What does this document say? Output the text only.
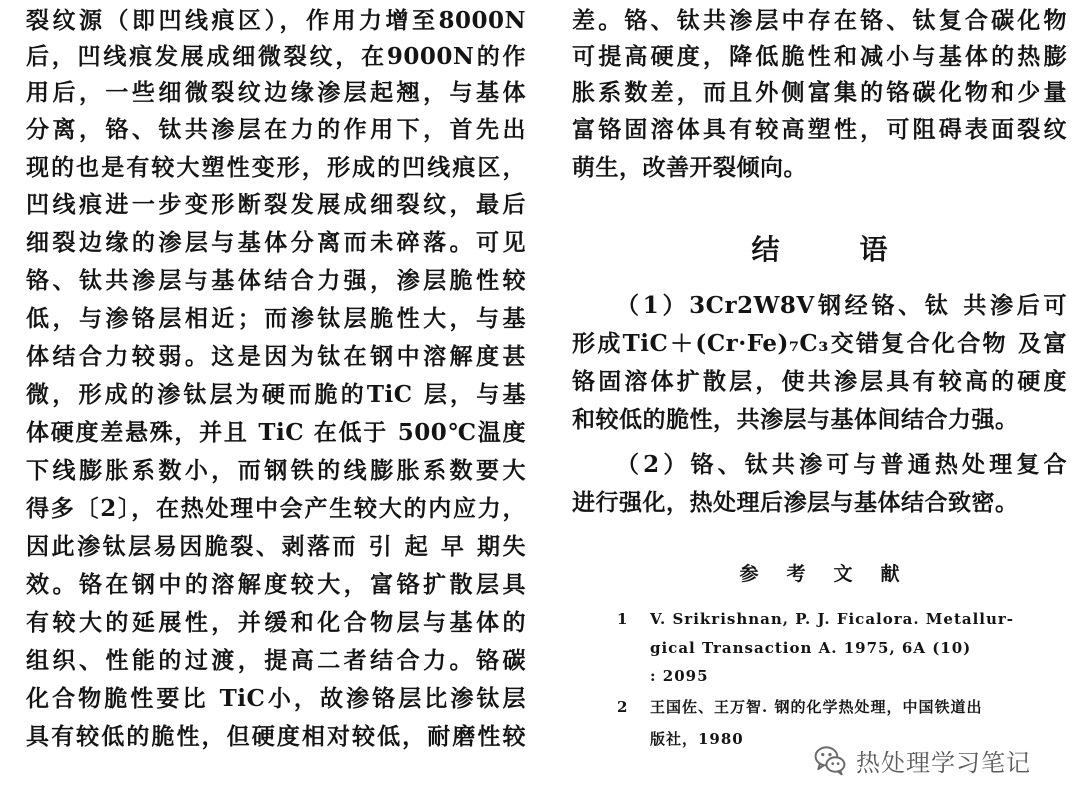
裂纹源（即凹线痕区），作用力增至8000N
后，凹线痕发展成细微裂纹，在9000N的作
用后，一些细微裂纹边缘渗层起翘，与基体
分离，铬、钛共渗层在力的作用下，首先出
现的也是有较大塑性变形，形成的凹线痕区，
凹线痕进一步变形断裂发展成细裂纹，最后
细裂边缘的渗层与基体分离而未碎落。可见
铬、钛共渗层与基体结合力强，渗层脆性较
低，与渗铬层相近；而渗钛层脆性大，与基
体结合力较弱。这是因为钛在钢中溶解度甚
微，形成的渗钛层为硬而脆的TiC 层，与基
体硬度差悬殊，并且 TiC 在低于 500℃温度
下线膨胀系数小，而钢铁的线膨胀系数要大
得多〔2〕，在热处理中会产生较大的内应力，
因此渗钛层易因脆裂、剥落而 引 起 早 期失
效。铬在钢中的溶解度较大，富铬扩散层具
有较大的延展性，并缓和化合物层与基体的
组织、性能的过渡，提高二者结合力。铬碳
化合物脆性要比 TiC小，故渗铬层比渗钛层
具有较低的脆性，但硬度相对较低，耐磨性较
差。铬、钛共渗层中存在铬、钛复合碳化物
可提高硬度，降低脆性和减小与基体的热膨
胀系数差，而且外侧富集的铬碳化物和少量
富铬固溶体具有较高塑性，可阻碍表面裂纹
萌生，改善开裂倾向。
结语
（1）3Cr2W8V钢经铬、钛 共渗后可
形成TiC＋(Cr·Fe)₇C₃交错复合化合物 及富
铬固溶体扩散层，使共渗层具有较高的硬度
和较低的脆性，共渗层与基体间结合力强。
（2）铬、钛共渗可与普通热处理复合
进行强化，热处理后渗层与基体结合致密。
参考文献
1 V. Srikrishnan, P. J. Ficalora. Metallur-
gical Transaction A. 1975, 6A (10)
: 2095
2 王国佐、王万智. 钢的化学热处理，中国铁道出
版社，1980
热处理学习笔记
